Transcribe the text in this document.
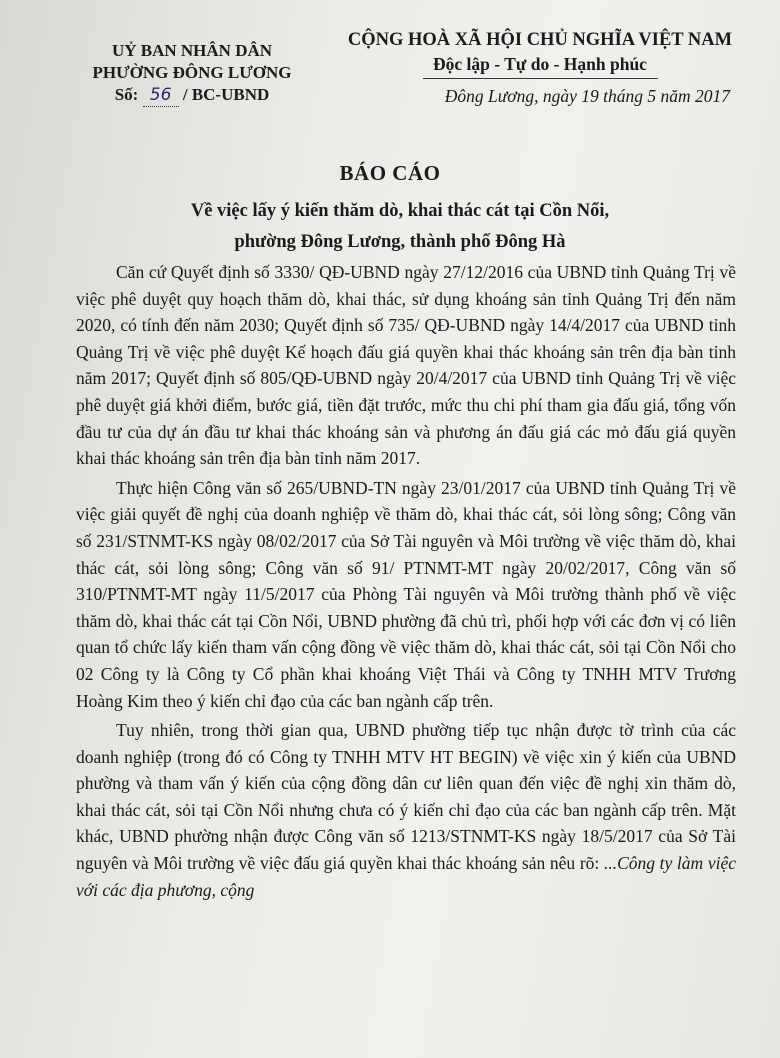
UỶ BAN NHÂN DÂN
PHƯỜNG ĐÔNG LƯƠNG
Số: 56 / BC-UBND
CỘNG HOÀ XÃ HỘI CHỦ NGHĨA VIỆT NAM
Độc lập - Tự do - Hạnh phúc
Đông Lương, ngày 19 tháng 5 năm 2017
BÁO CÁO
Về việc lấy ý kiến thăm dò, khai thác cát tại Cồn Nổi,
phường Đông Lương, thành phố Đông Hà

Căn cứ Quyết định số 3330/ QĐ-UBND ngày 27/12/2016 của UBND tỉnh Quảng Trị về việc phê duyệt quy hoạch thăm dò, khai thác, sử dụng khoáng sản tỉnh Quảng Trị đến năm 2020, có tính đến năm 2030; Quyết định số 735/ QĐ-UBND ngày 14/4/2017 của UBND tỉnh Quảng Trị về việc phê duyệt Kế hoạch đấu giá quyền khai thác khoáng sản trên địa bàn tỉnh năm 2017; Quyết định số 805/QĐ-UBND ngày 20/4/2017 của UBND tỉnh Quảng Trị về việc phê duyệt giá khởi điểm, bước giá, tiền đặt trước, mức thu chi phí tham gia đấu giá, tổng vốn đầu tư của dự án đầu tư khai thác khoáng sản và phương án đấu giá các mỏ đấu giá quyền khai thác khoáng sản trên địa bàn tỉnh năm 2017.

Thực hiện Công văn số 265/UBND-TN ngày 23/01/2017 của UBND tỉnh Quảng Trị về việc giải quyết đề nghị của doanh nghiệp về thăm dò, khai thác cát, sỏi lòng sông; Công văn số 231/STNMT-KS ngày 08/02/2017 của Sở Tài nguyên và Môi trường về việc thăm dò, khai thác cát, sỏi lòng sông; Công văn số 91/ PTNMT-MT ngày 20/02/2017, Công văn số 310/PTNMT-MT ngày 11/5/2017 của Phòng Tài nguyên và Môi trường thành phố về việc thăm dò, khai thác cát tại Cồn Nổi, UBND phường đã chủ trì, phối hợp với các đơn vị có liên quan tổ chức lấy kiến tham vấn cộng đồng về việc thăm dò, khai thác cát, sỏi tại Cồn Nổi cho 02 Công ty là Công ty Cổ phần khai khoáng Việt Thái và Công ty TNHH MTV Trương Hoàng Kim theo ý kiến chỉ đạo của các ban ngành cấp trên.

Tuy nhiên, trong thời gian qua, UBND phường tiếp tục nhận được tờ trình của các doanh nghiệp (trong đó có Công ty TNHH MTV HT BEGIN) về việc xin ý kiến của UBND phường và tham vấn ý kiến của cộng đồng dân cư liên quan đến việc đề nghị xin thăm dò, khai thác cát, sỏi tại Cồn Nổi nhưng chưa có ý kiến chỉ đạo của các ban ngành cấp trên. Mặt khác, UBND phường nhận được Công văn số 1213/STNMT-KS ngày 18/5/2017 của Sở Tài nguyên và Môi trường về việc đấu giá quyền khai thác khoáng sản nêu rõ: ...Công ty làm việc với các địa phương, cộng
